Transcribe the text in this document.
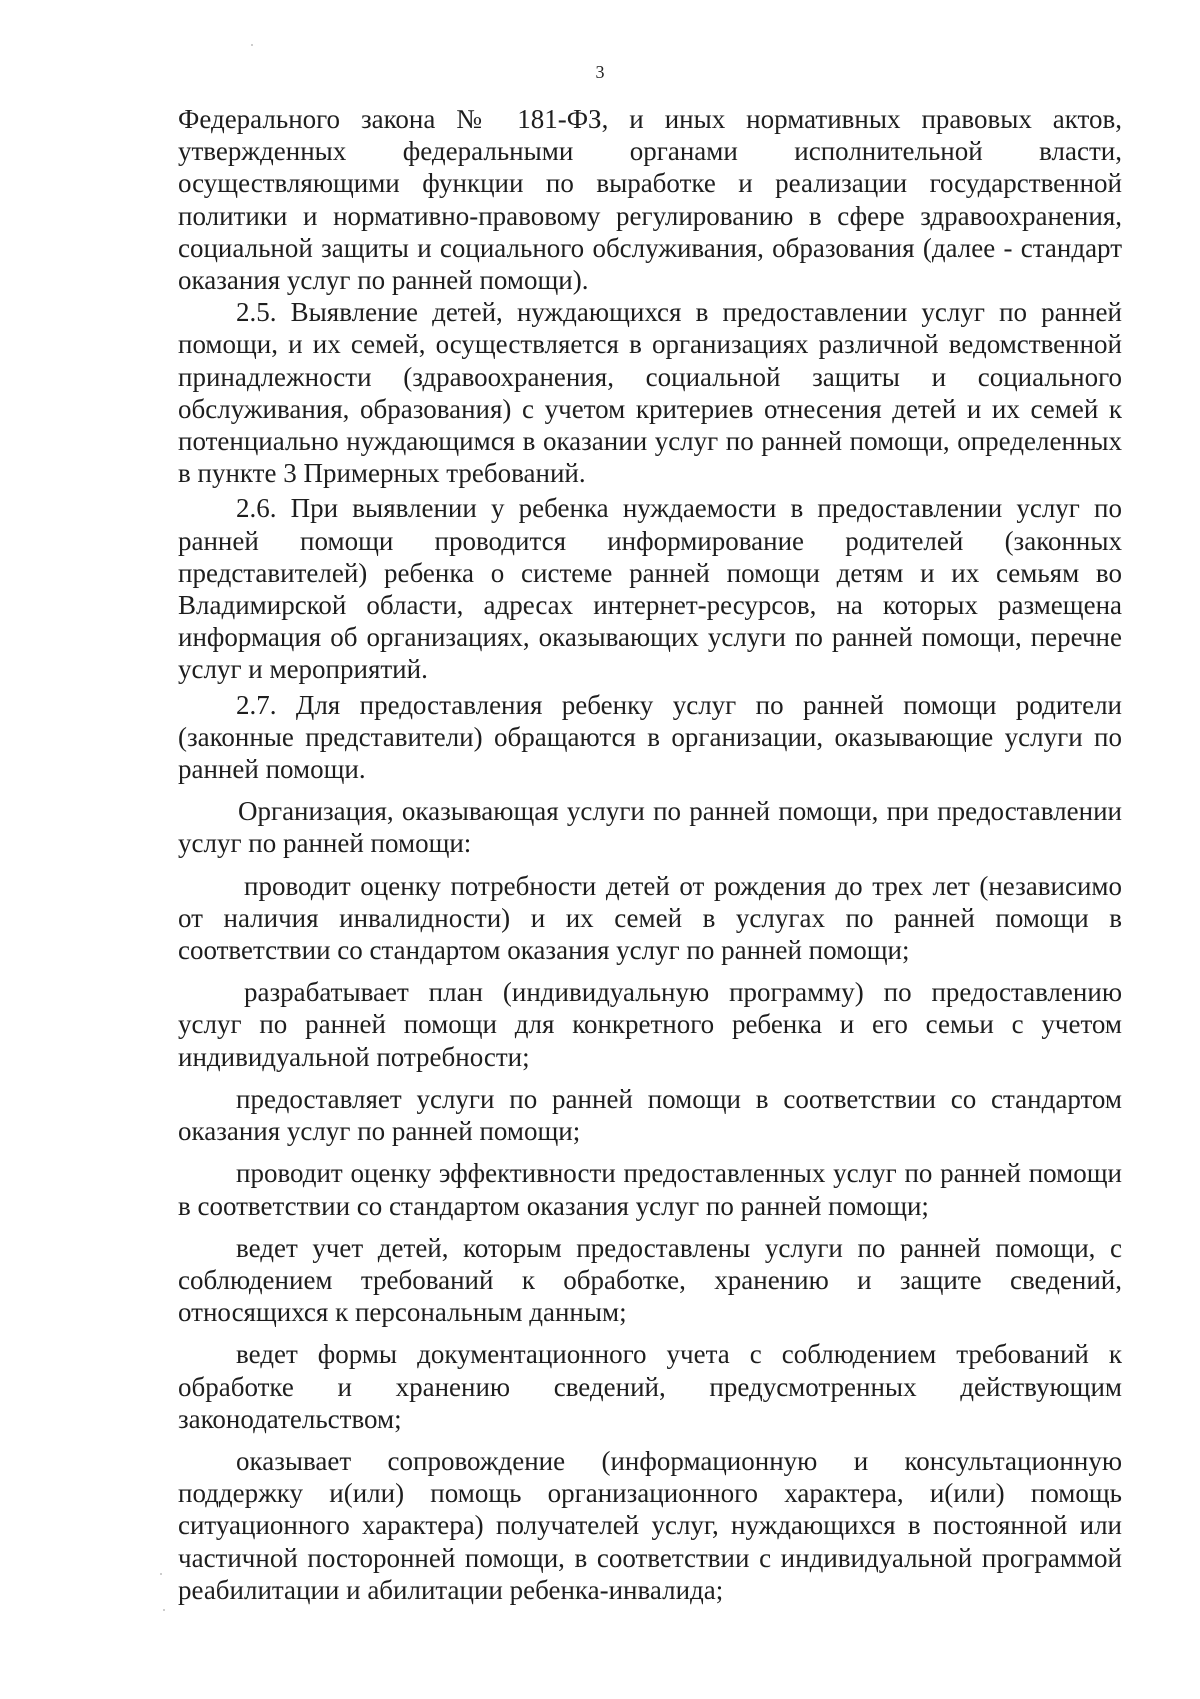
3

Федерального закона № 181-ФЗ, и иных нормативных правовых актов, утвержденных федеральными органами исполнительной власти, осуществляющими функции по выработке и реализации государственной политики и нормативно-правовому регулированию в сфере здравоохранения, социальной защиты и социального обслуживания, образования (далее - стандарт оказания услуг по ранней помощи).

2.5. Выявление детей, нуждающихся в предоставлении услуг по ранней помощи, и их семей, осуществляется в организациях различной ведомственной принадлежности (здравоохранения, социальной защиты и социального обслуживания, образования) с учетом критериев отнесения детей и их семей к потенциально нуждающимся в оказании услуг по ранней помощи, определенных в пункте 3 Примерных требований.

2.6. При выявлении у ребенка нуждаемости в предоставлении услуг по ранней помощи проводится информирование родителей (законных представителей) ребенка о системе ранней помощи детям и их семьям во Владимирской области, адресах интернет-ресурсов, на которых размещена информация об организациях, оказывающих услуги по ранней помощи, перечне услуг и мероприятий.

2.7. Для предоставления ребенку услуг по ранней помощи родители (законные представители) обращаются в организации, оказывающие услуги по ранней помощи.

Организация, оказывающая услуги по ранней помощи, при предоставлении услуг по ранней помощи:

проводит оценку потребности детей от рождения до трех лет (независимо от наличия инвалидности) и их семей в услугах по ранней помощи в соответствии со стандартом оказания услуг по ранней помощи;

разрабатывает план (индивидуальную программу) по предоставлению услуг по ранней помощи для конкретного ребенка и его семьи с учетом индивидуальной потребности;

предоставляет услуги по ранней помощи в соответствии со стандартом оказания услуг по ранней помощи;

проводит оценку эффективности предоставленных услуг по ранней помощи в соответствии со стандартом оказания услуг по ранней помощи;

ведет учет детей, которым предоставлены услуги по ранней помощи, с соблюдением требований к обработке, хранению и защите сведений, относящихся к персональным данным;

ведет формы документационного учета с соблюдением требований к обработке и хранению сведений, предусмотренных действующим законодательством;

оказывает сопровождение (информационную и консультационную поддержку и(или) помощь организационного характера, и(или) помощь ситуационного характера) получателей услуг, нуждающихся в постоянной или частичной посторонней помощи, в соответствии с индивидуальной программой реабилитации и абилитации ребенка-инвалида;
